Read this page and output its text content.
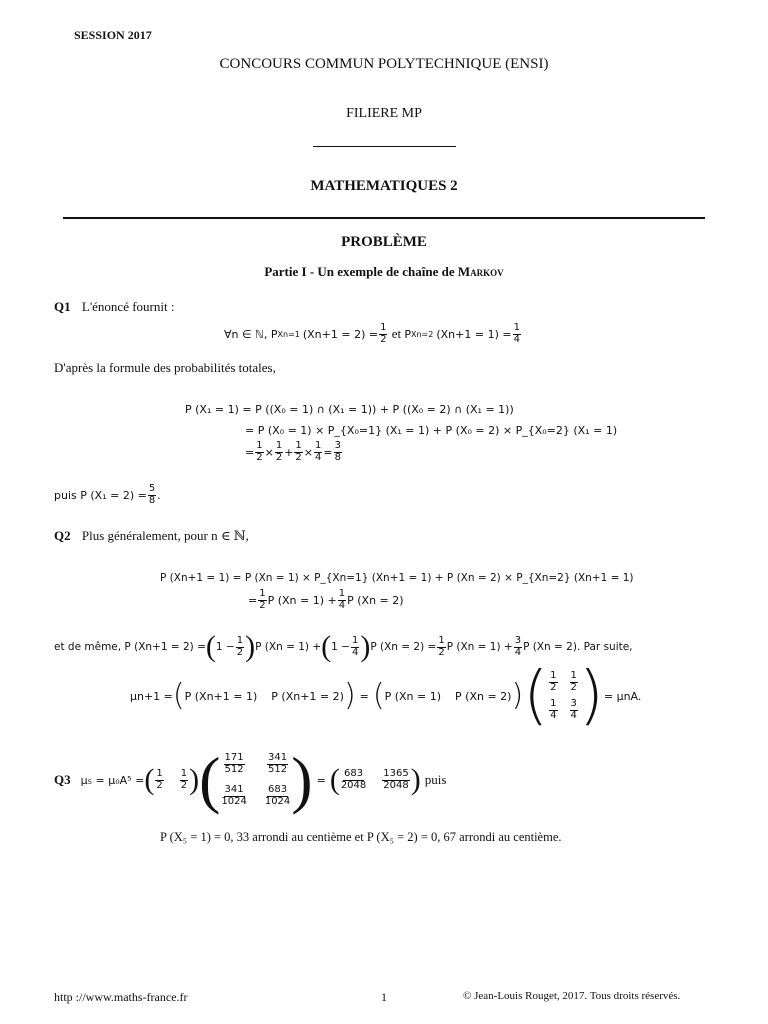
SESSION 2017
CONCOURS COMMUN POLYTECHNIQUE (ENSI)
FILIERE MP
MATHEMATIQUES 2
PROBLÈME
Partie I - Un exemple de chaîne de Markov
Q1 L'énoncé fournit :
∀n ∈ ℕ, P Xn=1 $(Xn+1 = 2) = \frac{1}{2}$ et P Xn=2 $(Xn+1 = 1) = \frac{1}{4}$
D'après la formule des probabilités totales,
P (X₁ = 1) = P ((X₀ = 1) ∩ (X₁ = 1)) + P ((X₀ = 2) ∩ (X₁ = 1))
= P (X₀ = 1) × P_{X₀=1} (X₁ = 1) + P (X₀ = 2) × P_{X₀=2} (X₁ = 1)
= $\frac{1}{2} \times \frac{1}{2} + \frac{1}{2} \times \frac{1}{4} = \frac{3}{8}$
puis P $(X_1 = 2) = \frac{5}{8}$ .
Q2 Plus généralement, pour n ∈ ℕ,
P (Xn+1 = 1) = P (Xn = 1) × P_{Xn=1} (Xn+1 = 1) + P (Xn = 2) × P_{Xn=2} (Xn+1 = 1)
= $\frac{1}{2}$ P $(Xn = 1) + \frac{1}{4}$ P (Xn = 2)
et de même, P (Xn+1 = 2) = ( $1 - \frac{1}{2}$ ) P (Xn = 1) + ( $1 - \frac{1}{4}$ ) P $(Xn = 2) = \frac{1}{2}$ P $(Xn = 1) + \frac{3}{4}$ P (Xn = 2). Par suite,
μn+1 = ( P (Xn+1 = 1) P (Xn+1 = 2) ) = ( P (Xn = 1) P (Xn = 2) ) ( $\frac{1}{2} \frac{1}{2}$
$\frac{1}{4} \frac{3}{4}$ ) = μnA.
Q3 μ₅ = μ₀A⁵ = ( $\frac{1}{2} \frac{1}{2}$ ) ( $\frac{171}{512} \frac{341}{512}$
$\frac{341}{1024} \frac{683}{1024}$ ) = ( $\frac{683}{2048} \frac{1365}{2048}$ ) puis
P (X₅ = 1) = 0, 33 arrondi au centième et P (X₅ = 2) = 0, 67 arrondi au centième.
http ://www.maths-france.fr	1	© Jean-Louis Rouget, 2017. Tous droits réservés.
